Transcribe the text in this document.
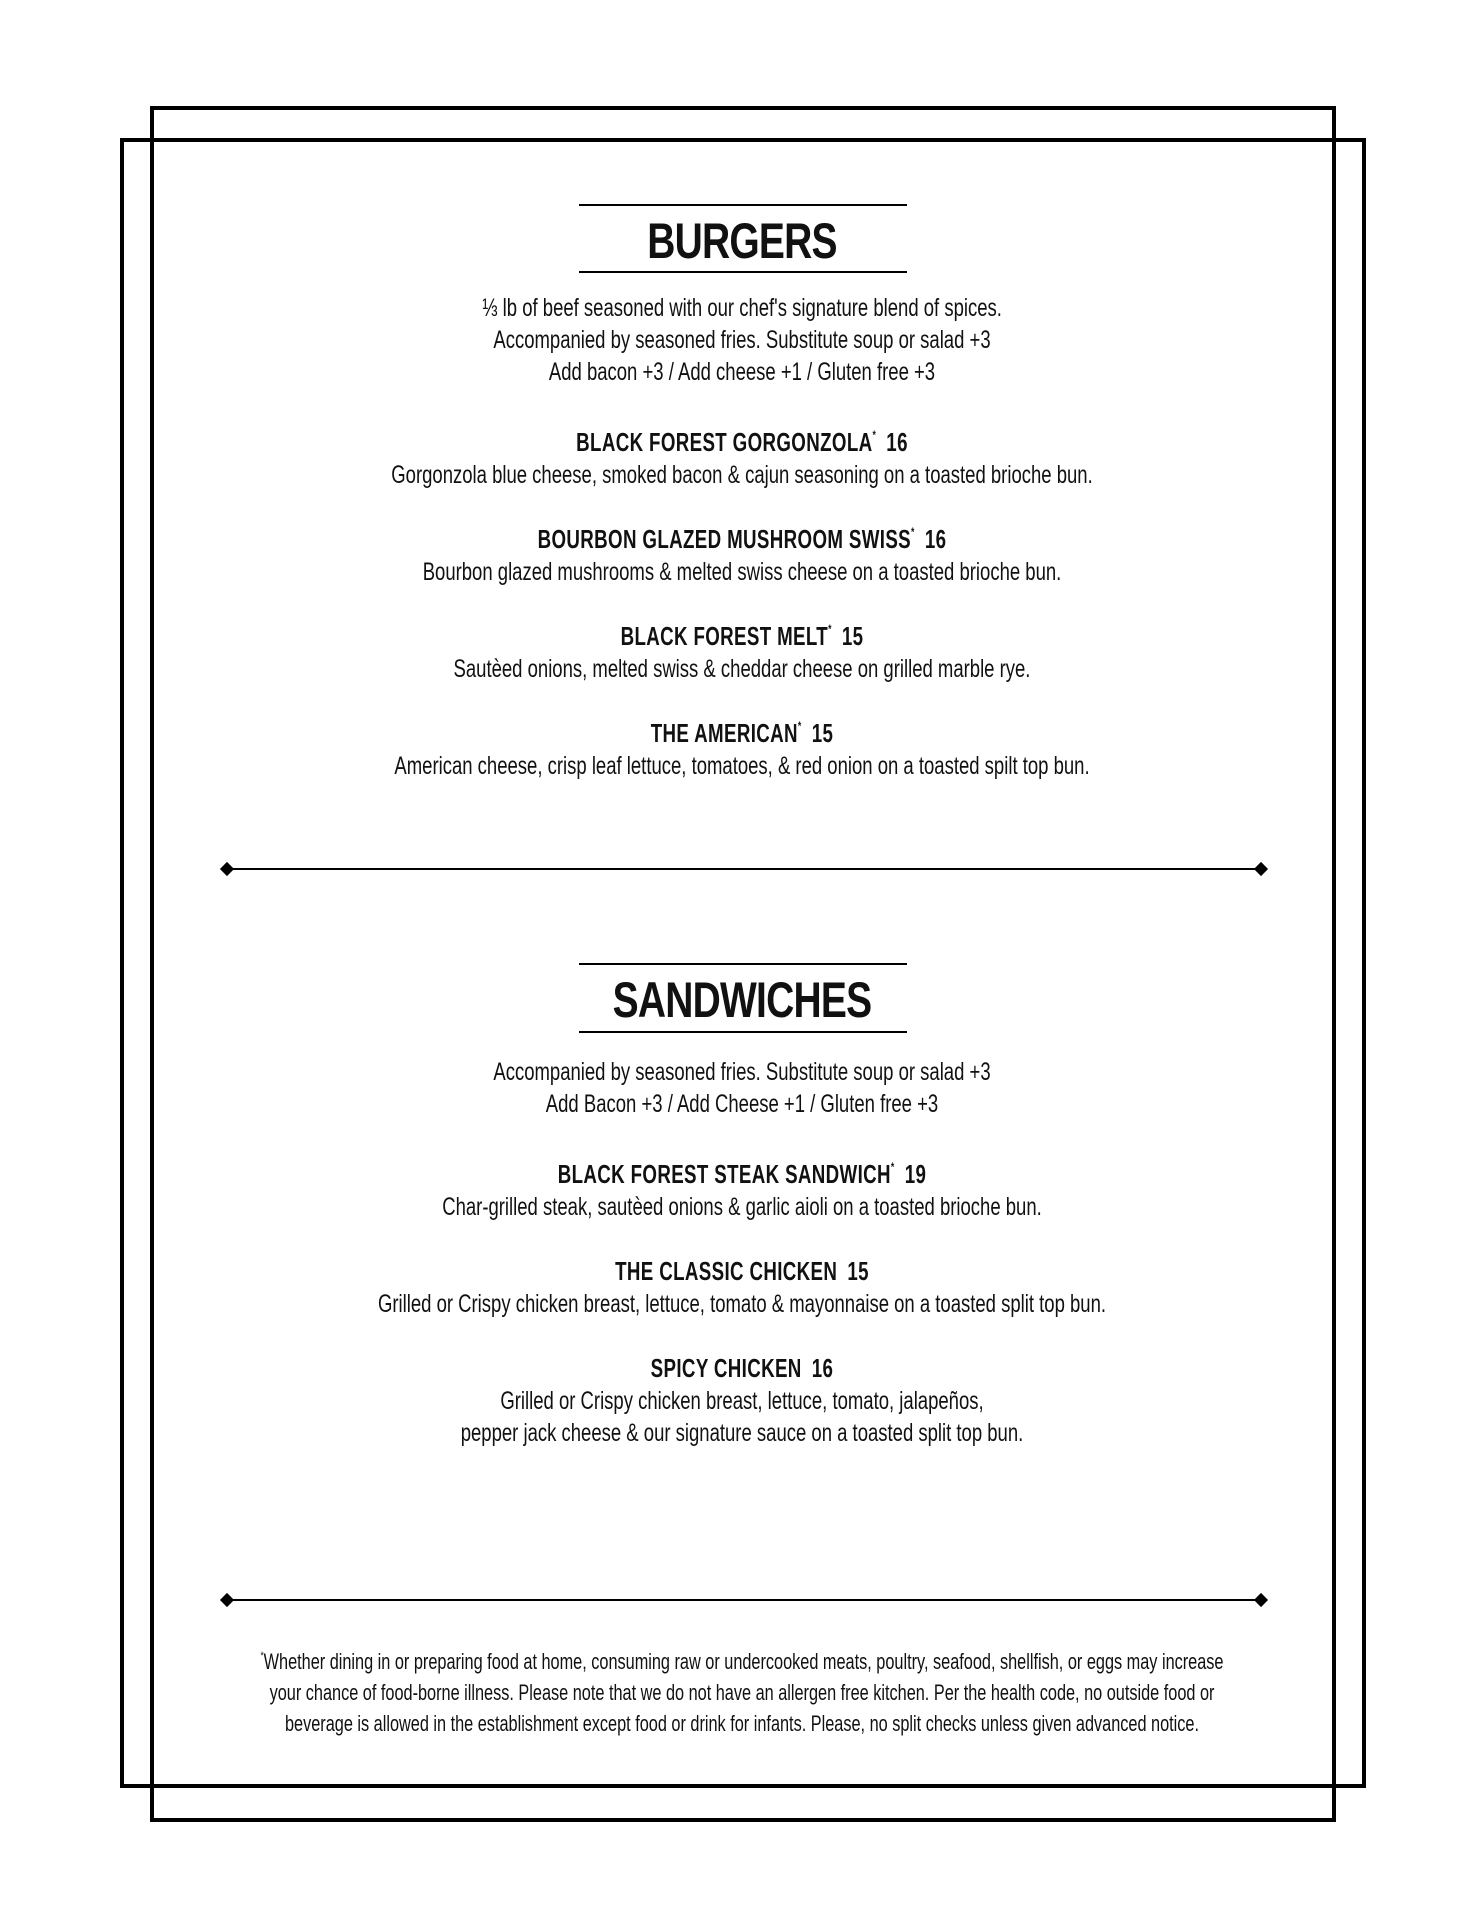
BURGERS
⅓ lb of beef seasoned with our chef's signature blend of spices.
Accompanied by seasoned fries. Substitute soup or salad +3
Add bacon +3 / Add cheese +1 / Gluten free +3
BLACK FOREST GORGONZOLA* 16
Gorgonzola blue cheese, smoked bacon & cajun seasoning on a toasted brioche bun.
BOURBON GLAZED MUSHROOM SWISS* 16
Bourbon glazed mushrooms & melted swiss cheese on a toasted brioche bun.
BLACK FOREST MELT* 15
Sautèed onions, melted swiss & cheddar cheese on grilled marble rye.
THE AMERICAN* 15
American cheese, crisp leaf lettuce, tomatoes, & red onion on a toasted spilt top bun.
SANDWICHES
Accompanied by seasoned fries. Substitute soup or salad +3
Add Bacon +3 / Add Cheese +1 / Gluten free +3
BLACK FOREST STEAK SANDWICH* 19
Char-grilled steak, sautèed onions & garlic aioli on a toasted brioche bun.
THE CLASSIC CHICKEN 15
Grilled or Crispy chicken breast, lettuce, tomato & mayonnaise on a toasted split top bun.
SPICY CHICKEN 16
Grilled or Crispy chicken breast, lettuce, tomato, jalapeños,
pepper jack cheese & our signature sauce on a toasted split top bun.
*Whether dining in or preparing food at home, consuming raw or undercooked meats, poultry, seafood, shellfish, or eggs may increase
your chance of food-borne illness. Please note that we do not have an allergen free kitchen. Per the health code, no outside food or
beverage is allowed in the establishment except food or drink for infants. Please, no split checks unless given advanced notice.
